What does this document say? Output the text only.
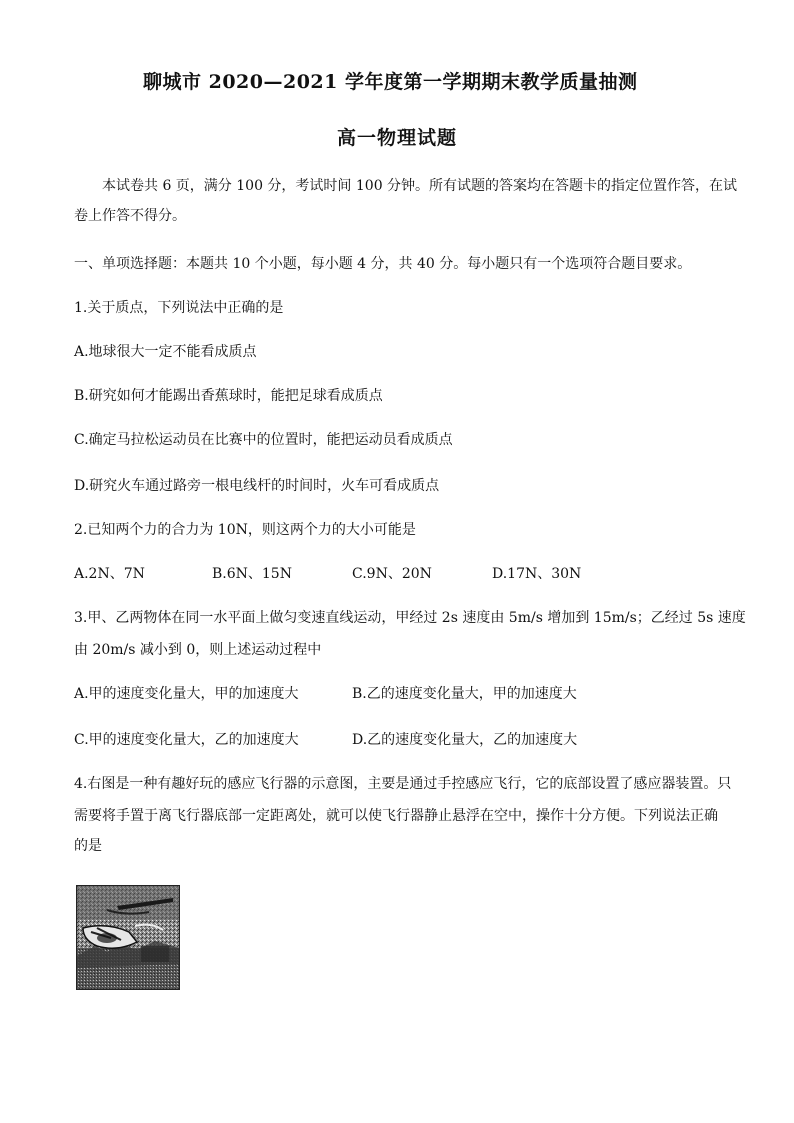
聊城市 2020—2021 学年度第一学期期末教学质量抽测
高一物理试题
本试卷共 6 页，满分 100 分，考试时间 100 分钟。所有试题的答案均在答题卡的指定位置作答，在试
卷上作答不得分。
一、单项选择题：本题共 10 个小题，每小题 4 分，共 40 分。每小题只有一个选项符合题目要求。
1.关于质点，下列说法中正确的是
A.地球很大一定不能看成质点
B.研究如何才能踢出香蕉球时，能把足球看成质点
C.确定马拉松运动员在比赛中的位置时，能把运动员看成质点
D.研究火车通过路旁一根电线杆的时间时，火车可看成质点
2.已知两个力的合力为 10N，则这两个力的大小可能是
A.2N、7N	B.6N、15N	C.9N、20N	D.17N、30N
3.甲、乙两物体在同一水平面上做匀变速直线运动，甲经过 2s 速度由 5m/s 增加到 15m/s；乙经过 5s 速度
由 20m/s 减小到 0，则上述运动过程中
A.甲的速度变化量大，甲的加速度大	B.乙的速度变化量大，甲的加速度大
C.甲的速度变化量大，乙的加速度大	D.乙的速度变化量大，乙的加速度大
4.右图是一种有趣好玩的感应飞行器的示意图，主要是通过手控感应飞行，它的底部设置了感应器装置。只
需要将手置于离飞行器底部一定距离处，就可以使飞行器静止悬浮在空中，操作十分方便。下列说法正确
的是
